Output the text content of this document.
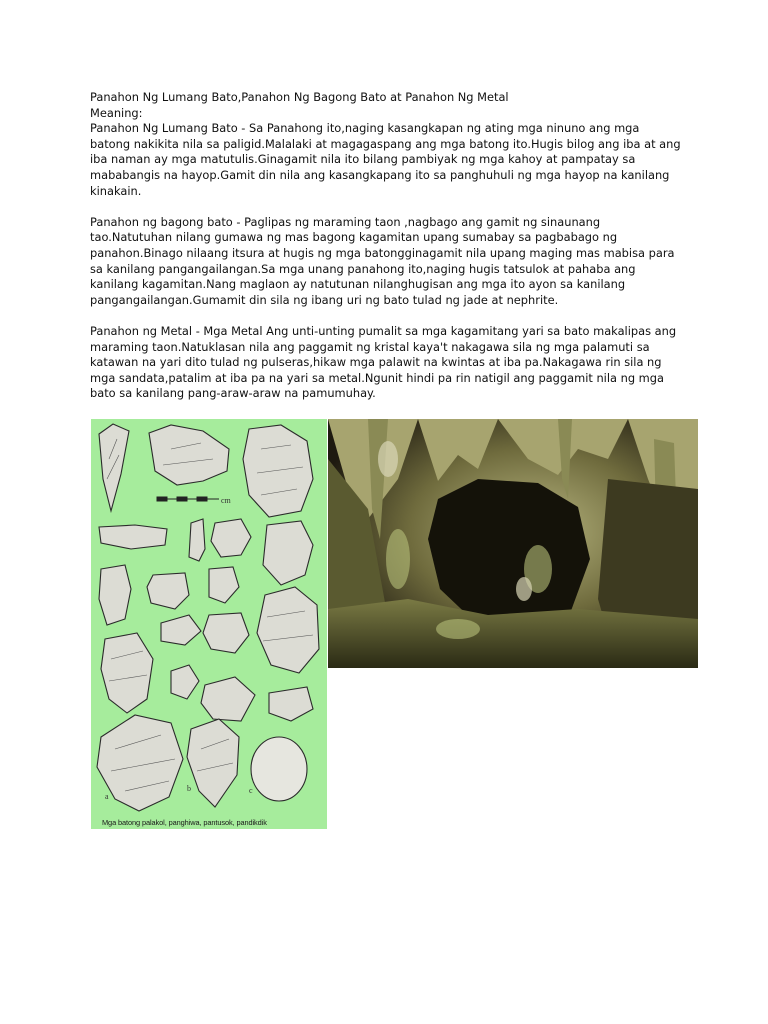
Panahon Ng Lumang Bato,Panahon Ng Bagong Bato at Panahon Ng Metal

Meaning:

Panahon Ng Lumang Bato - Sa Panahong ito,naging kasangkapan ng ating mga ninuno ang mga
batong nakikita nila sa paligid.Malalaki at magagaspang ang mga batong ito.Hugis bilog ang iba at ang
iba naman ay mga matutulis.Ginagamit nila ito bilang pambiyak ng mga kahoy at pampatay sa
mababangis na hayop.Gamit din nila ang kasangkapang ito sa panghuhuli ng mga hayop na kanilang
kinakain.

Panahon ng bagong bato - Paglipas ng maraming taon ,nagbago ang gamit ng sinaunang
tao.Natutuhan nilang gumawa ng mas bagong kagamitan upang sumabay sa pagbabago ng
panahon.Binago nilaang itsura at hugis ng mga batongginagamit nila upang maging mas mabisa para
sa kanilang pangangailangan.Sa mga unang panahong ito,naging hugis tatsulok at pahaba ang
kanilang kagamitan.Nang maglaon ay natutunan nilanghugisan ang mga ito ayon sa kanilang
pangangailangan.Gumamit din sila ng ibang uri ng bato tulad ng jade at nephrite.

Panahon ng Metal - Mga Metal Ang unti-unting pumalit sa mga kagamitang yari sa bato makalipas ang
maraming taon.Natuklasan nila ang paggamit ng kristal kaya't nakagawa sila ng mga palamuti sa
katawan na yari dito tulad ng pulseras,hikaw mga palawit na kwintas at iba pa.Nakagawa rin sila ng
mga sandata,patalim at iba pa na yari sa metal.Ngunit hindi pa rin natigil ang paggamit nila ng mga
bato sa kanilang pang-araw-araw na pamumuhay.

cm
a
b	c
Mga batong palakol, panghiwa, pantusok, pandikdik
